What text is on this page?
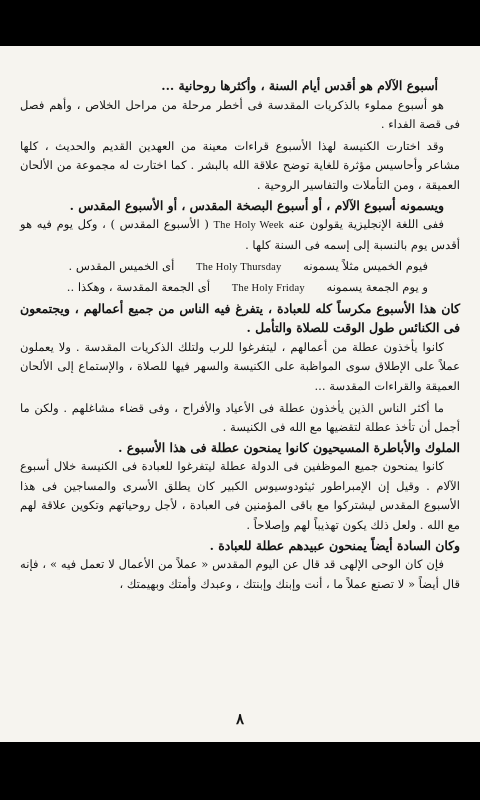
أسبوع الآلام هو أقدس أيام السنة ، وأكثرها روحانية ...

هو أسبوع مملوء بالذكريات المقدسة فى أخطر مرحلة من مراحل الخلاص ، وأهم فصل فى قصة الفداء .

وقد اختارت الكنيسة لهذا الأسبوع قراءات معينة من العهدين القديم والحديث ، كلها مشاعر وأحاسيس مؤثرة للغاية توضح علاقة الله بالبشر . كما اختارت له مجموعة من الألحان العميقة ، ومن التأملات والتفاسير الروحية .

ويسمونه أسبوع الآلام ، أو أسبوع البصخة المقدس ، أو الأسبوع المقدس .

ففى اللغة الإنجليزية يقولون عنه The Holy Week ( الأسبوع المقدس ) ، وكل يوم فيه هو أقدس يوم بالنسبة إلى إسمه فى السنة كلها .

فيوم الخميس مثلاً يسمونه The Holy Thursday أى الخميس المقدس .

و يوم الجمعة يسمونه The Holy Friday أى الجمعة المقدسة ، وهكذا ..

كان هذا الأسبوع مكرساً كله للعبادة ، يتفرغ فيه الناس من جميع أعمالهم ، ويجتمعون فى الكنائس طول الوقت للصلاة والتأمل .

كانوا يأخذون عطلة من أعمالهم ، ليتفرغوا للرب ولتلك الذكريات المقدسة . ولا يعملون عملاً على الإطلاق سوى المواظبة على الكنيسة والسهر فيها للصلاة ، والإستماع إلى الألحان العميقة والقراءات المقدسة ...

ما أكثر الناس الذين يأخذون عطلة فى الأعياد والأفراح ، وفى قضاء مشاغلهم . ولكن ما أجمل أن تأخذ عطلة لتقضيها مع الله فى الكنيسة .

الملوك والأباطرة المسيحيون كانوا يمنحون عطلة فى هذا الأسبوع .

كانوا يمنحون جميع الموظفين فى الدولة عطلة ليتفرغوا للعبادة فى الكنيسة خلال أسبوع الآلام . وقيل إن الإمبراطور ثيئودوسيوس الكبير كان يطلق الأسرى والمساجين فى هذا الأسبوع المقدس ليشتركوا مع باقى المؤمنين فى العبادة ، لأجل روحياتهم وتكوين علاقة لهم مع الله . ولعل ذلك يكون تهذيباً لهم وإصلاحاً .

وكان السادة أيضاً يمنحون عبيدهم عطلة للعبادة .

فإن كان الوحى الإلهى قد قال عن اليوم المقدس « عملاً من الأعمال لا تعمل فيه » ، فإنه قال أيضاً « لا تصنع عملاً ما ، أنت وإبنك وإبنتك ، وعبدك وأمتك وبهيمتك ،

٨
